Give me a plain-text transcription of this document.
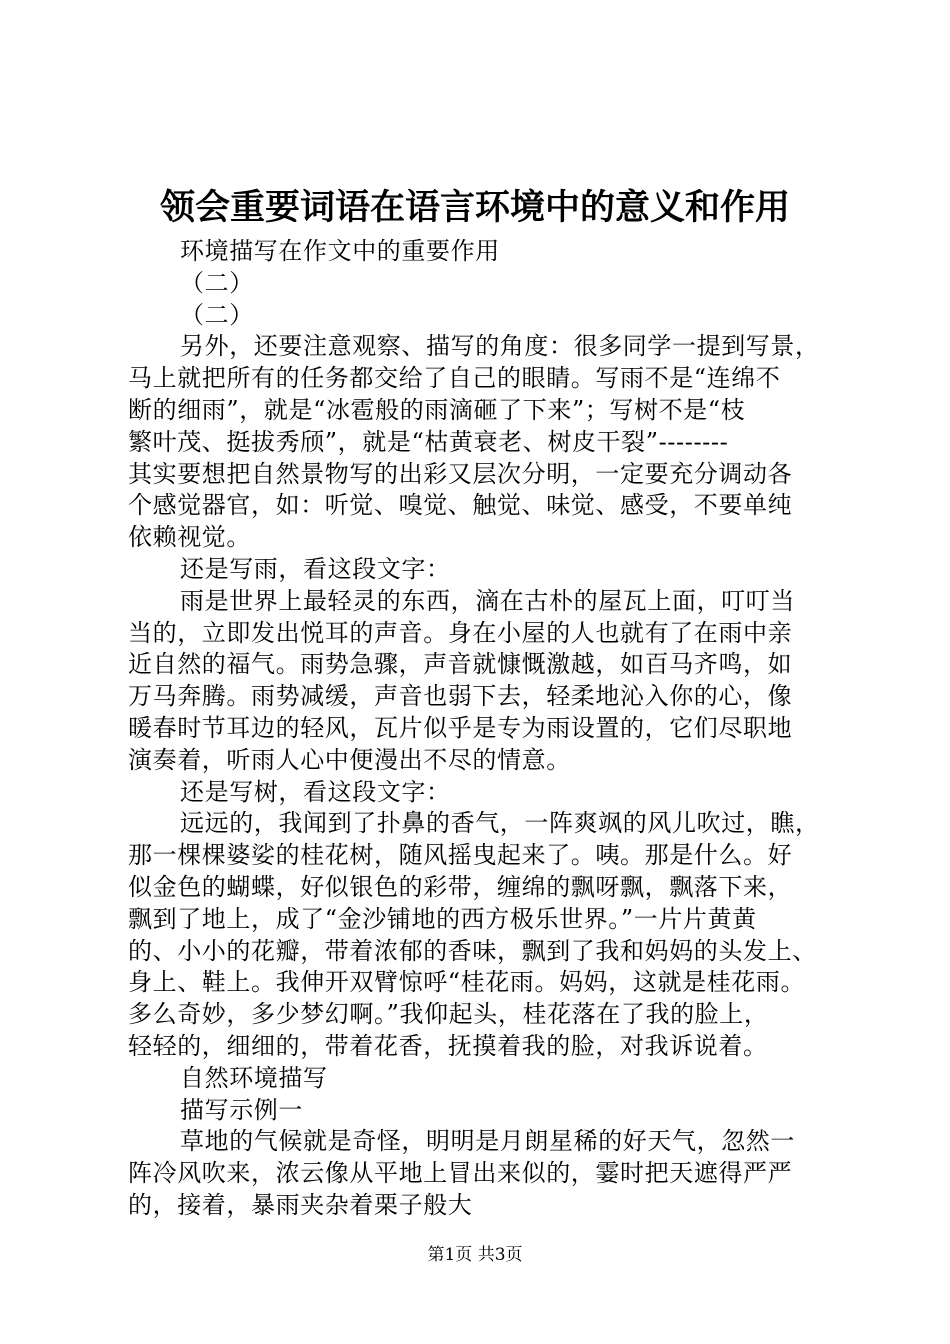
领会重要词语在语言环境中的意义和作用
环境描写在作文中的重要作用
（二）
（二）
另外，还要注意观察、描写的角度：很多同学一提到写景，
马上就把所有的任务都交给了自己的眼睛。写雨不是“连绵不
断的细雨”，就是“冰雹般的雨滴砸了下来”；写树不是“枝
繁叶茂、挺拔秀颀”，就是“枯黄衰老、树皮干裂”--------
其实要想把自然景物写的出彩又层次分明，一定要充分调动各
个感觉器官，如：听觉、嗅觉、触觉、味觉、感受，不要单纯
依赖视觉。
还是写雨，看这段文字：
雨是世界上最轻灵的东西，滴在古朴的屋瓦上面，叮叮当
当的，立即发出悦耳的声音。身在小屋的人也就有了在雨中亲
近自然的福气。雨势急骤，声音就慷慨激越，如百马齐鸣，如
万马奔腾。雨势减缓，声音也弱下去，轻柔地沁入你的心，像
暖春时节耳边的轻风，瓦片似乎是专为雨设置的，它们尽职地
演奏着，听雨人心中便漫出不尽的情意。
还是写树，看这段文字：
远远的，我闻到了扑鼻的香气，一阵爽飒的风儿吹过，瞧，
那一棵棵婆娑的桂花树，随风摇曳起来了。咦。那是什么。好
似金色的蝴蝶，好似银色的彩带，缠绵的飘呀飘，飘落下来，
飘到了地上，成了“金沙铺地的西方极乐世界。”一片片黄黄
的、小小的花瓣，带着浓郁的香味，飘到了我和妈妈的头发上、
身上、鞋上。我伸开双臂惊呼“桂花雨。妈妈，这就是桂花雨。
多么奇妙，多少梦幻啊。”我仰起头，桂花落在了我的脸上，
轻轻的，细细的，带着花香，抚摸着我的脸，对我诉说着。
自然环境描写
描写示例一
草地的气候就是奇怪，明明是月朗星稀的好天气，忽然一
阵冷风吹来，浓云像从平地上冒出来似的，霎时把天遮得严严
的，接着，暴雨夹杂着栗子般大
第1页 共3页
